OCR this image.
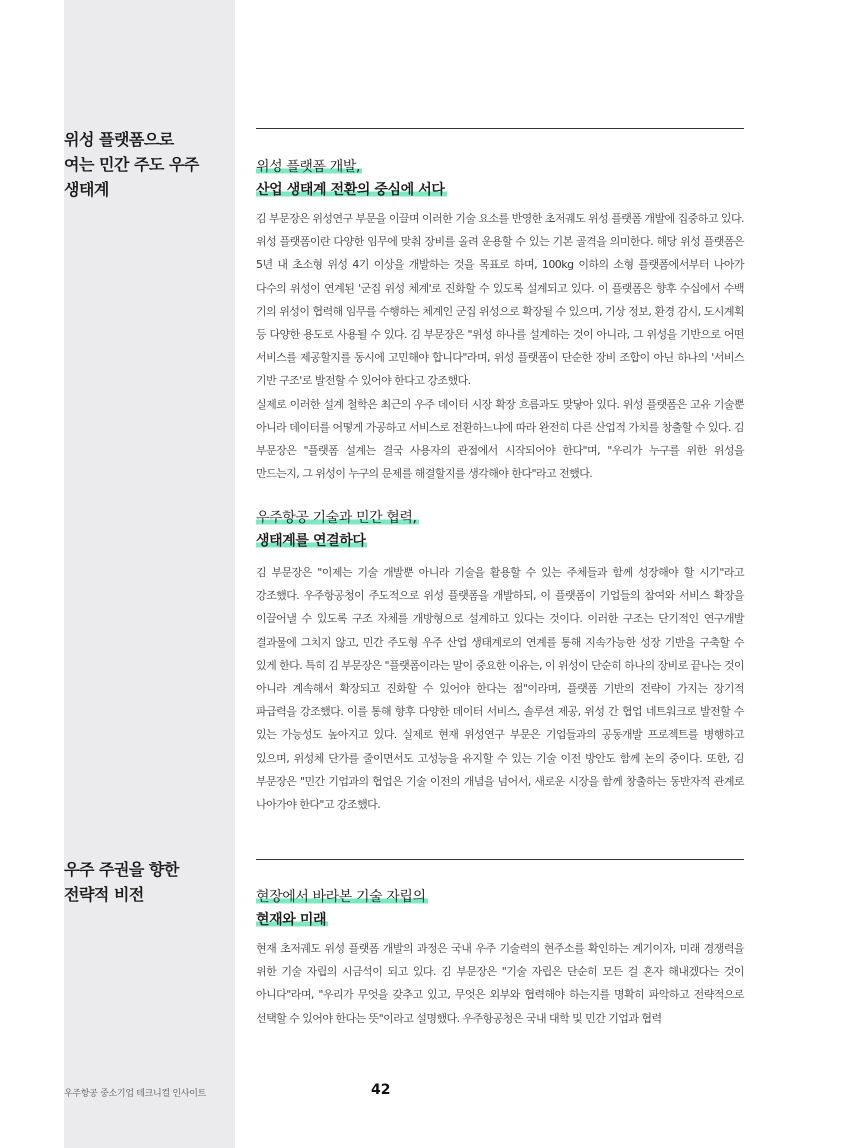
위성 플랫폼으로
여는 민간 주도 우주
생태계
위성 플랫폼 개발,
산업 생태계 전환의 중심에 서다

김 부문장은 위성연구 부문을 이끌며 이러한 기술 요소를 반영한 초저궤도 위성 플랫폼 개발에 집중하고 있다. 위성 플랫폼이란 다양한 임무에 맞춰 장비를 올려 운용할 수 있는 기본 골격을 의미한다. 해당 위성 플랫폼은 5년 내 초소형 위성 4기 이상을 개발하는 것을 목표로 하며, 100kg 이하의 소형 플랫폼에서부터 나아가 다수의 위성이 연계된 '군집 위성 체계'로 진화할 수 있도록 설계되고 있다. 이 플랫폼은 향후 수십에서 수백 기의 위성이 협력해 임무를 수행하는 체계인 군집 위성으로 확장될 수 있으며, 기상 정보, 환경 감시, 도시계획 등 다양한 용도로 사용될 수 있다. 김 부문장은 "위성 하나를 설계하는 것이 아니라, 그 위성을 기반으로 어떤 서비스를 제공할지를 동시에 고민해야 합니다"라며, 위성 플랫폼이 단순한 장비 조합이 아닌 하나의 '서비스 기반 구조'로 발전할 수 있어야 한다고 강조했다.
실제로 이러한 설계 철학은 최근의 우주 데이터 시장 확장 흐름과도 맞닿아 있다. 위성 플랫폼은 고유 기술뿐 아니라 데이터를 어떻게 가공하고 서비스로 전환하느냐에 따라 완전히 다른 산업적 가치를 창출할 수 있다. 김 부문장은 "플랫폼 설계는 결국 사용자의 관점에서 시작되어야 한다"며, "우리가 누구를 위한 위성을 만드는지, 그 위성이 누구의 문제를 해결할지를 생각해야 한다"라고 전했다.

우주항공 기술과 민간 협력,
생태계를 연결하다

김 부문장은 "이제는 기술 개발뿐 아니라 기술을 활용할 수 있는 주체들과 함께 성장해야 할 시기"라고 강조했다. 우주항공청이 주도적으로 위성 플랫폼을 개발하되, 이 플랫폼이 기업들의 참여와 서비스 확장을 이끌어낼 수 있도록 구조 자체를 개방형으로 설계하고 있다는 것이다. 이러한 구조는 단기적인 연구개발 결과물에 그치지 않고, 민간 주도형 우주 산업 생태계로의 연계를 통해 지속가능한 성장 기반을 구축할 수 있게 한다. 특히 김 부문장은 "플랫폼이라는 말이 중요한 이유는, 이 위성이 단순히 하나의 장비로 끝나는 것이 아니라 계속해서 확장되고 진화할 수 있어야 한다는 점"이라며, 플랫폼 기반의 전략이 가지는 장기적 파급력을 강조했다. 이를 통해 향후 다양한 데이터 서비스, 솔루션 제공, 위성 간 협업 네트워크로 발전할 수 있는 가능성도 높아지고 있다. 실제로 현재 위성연구 부문은 기업들과의 공동개발 프로젝트를 병행하고 있으며, 위성체 단가를 줄이면서도 고성능을 유지할 수 있는 기술 이전 방안도 함께 논의 중이다. 또한, 김 부문장은 "민간 기업과의 협업은 기술 이전의 개념을 넘어서, 새로운 시장을 함께 창출하는 동반자적 관계로 나아가야 한다"고 강조했다.

우주 주권을 향한
전략적 비전	현장에서 바라본 기술 자립의
현재와 미래

현재 초저궤도 위성 플랫폼 개발의 과정은 국내 우주 기술력의 현주소를 확인하는 계기이자, 미래 경쟁력을 위한 기술 자립의 시금석이 되고 있다. 김 부문장은 "기술 자립은 단순히 모든 걸 혼자 해내겠다는 것이 아니다"라며, "우리가 무엇을 갖추고 있고, 무엇은 외부와 협력해야 하는지를 명확히 파악하고 전략적으로 선택할 수 있어야 한다는 뜻"이라고 설명했다. 우주항공청은 국내 대학 및 민간 기업과 협력

우주항공 중소기업 테크니컬 인사이트	42
